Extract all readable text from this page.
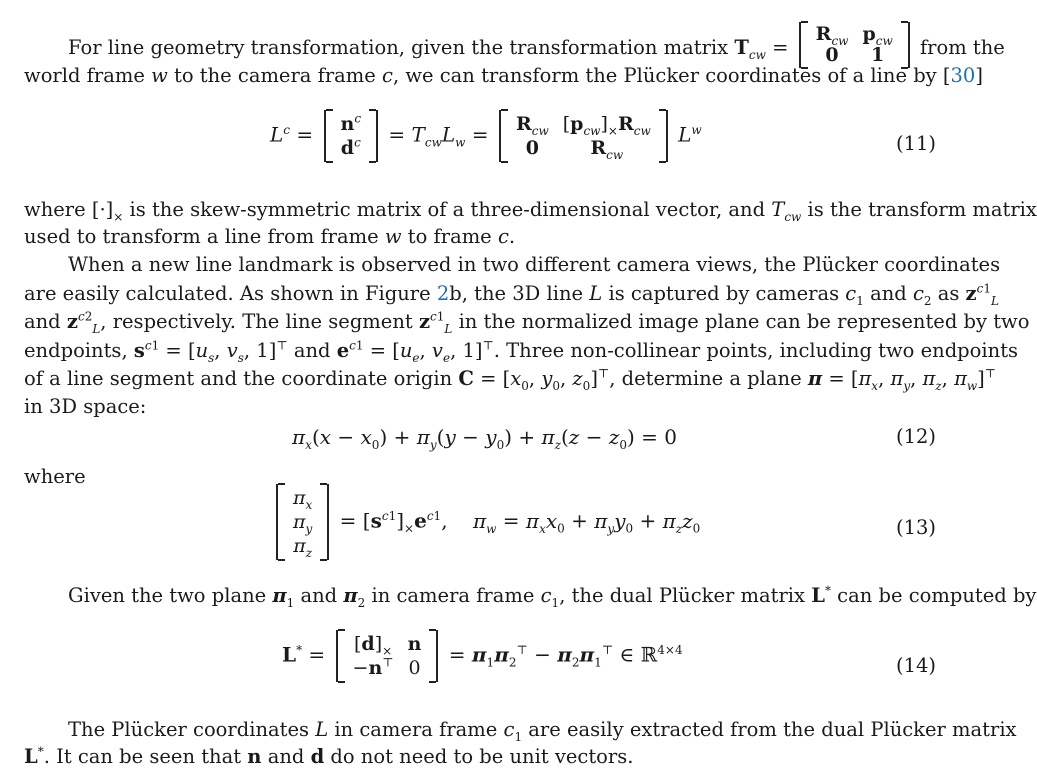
For line geometry transformation, given the transformation matrix $T_{cw}$ =
$R_{cw}$	$p_{cw}$
0	1 from the
world frame w to the camera frame c, we can transform the Plücker coordinates of a line by [30]
$L^c = n^c$
$d^c = T_{cw}L_w = R_{cw}$	$[p_{cw}]_\times R_{cw}$
0	$R_{cw}$
$L^w$
(11)
where $[\cdot]_\times$ is the skew-symmetric matrix of a three-dimensional vector, and $T_{cw}$ is the transform matrix
used to transform a line from frame w to frame c.
When a new line landmark is observed in two different camera views, the Plücker coordinates
are easily calculated. As shown in Figure 2b, the 3D line L is captured by cameras $c_1$ and $c_2$ as $z^{c1}_L$
and $z^{c2}_L$, respectively. The line segment $z^{c1}_L$ in the normalized image plane can be represented by two
endpoints, $s^{c1} = [u_s$, $v_s$, 1]⊤ and $e^{c1} = [u_e$, $v_e$, 1]⊤. Three non-collinear points, including two endpoints
of a line segment and the coordinate origin $C = [x_0$, $y_0$, $z_0]^⊤$, determine a plane $\pi = [\pi_x$, $\pi_y$, $\pi_z$, $\pi_w]^⊤$
in 3D space:
$\pi_x(x - x_0) + \pi_y(y - y_0) + \pi_z(z - z_0) = 0$	(12)
where
$\pi_x$
$\pi_y$
$\pi_z$
= $[s^{c1}]_\times e^{c1}$,    $\pi_w = \pi_xx_0 + \pi_yy_0 + \pi_zz_0$	(13)
Given the two plane $\pi_1$ and $\pi_2$ in camera frame $c_1$, the dual Plücker matrix L* can be computed by
$L^* = [d]_\times$	n
−n⊤	0
= $\pi_1\pi_2^⊤ - \pi_2\pi_1^⊤$ ∈ ℝ$^{4\times 4}$
(14)
The Plücker coordinates L in camera frame $c_1$ are easily extracted from the dual Plücker matrix
L*. It can be seen that n and d do not need to be unit vectors.
